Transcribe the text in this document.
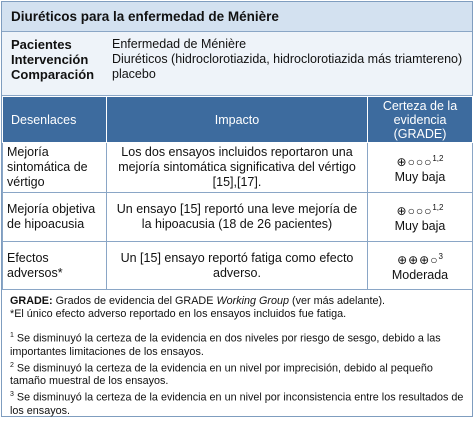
Diuréticos para la enfermedad de Ménière
Pacientes	Enfermedad de Ménière
Intervención	Diuréticos (hidroclorotiazida, hidroclorotiazida más triamtereno)
Comparación	placebo
Desenlaces	Impacto	Certeza de la evidencia (GRADE)
Mejoría sintomática de vértigo	Los dos ensayos incluidos reportaron una mejoría sintomática significativa del vértigo [15],[17].	⊕○○○$^{1,2}$
Muy baja

Mejoría objetiva de hipoacusia	Un ensayo [15] reportó una leve mejoría de la hipoacusia (18 de 26 pacientes)	⊕○○○$^{1,2}$
Muy baja

Efectos adversos*	Un [15] ensayo reportó fatiga como efecto adverso.	⊕⊕⊕○$^3$
Moderada

GRADE: Grados de evidencia del GRADE Working Group (ver más adelante).

*El único efecto adverso reportado en los ensayos incluidos fue fatiga.

$^1$ Se disminuyó la certeza de la evidencia en dos niveles por riesgo de sesgo, debido a las importantes limitaciones de los ensayos.

$^2$ Se disminuyó la certeza de la evidencia en un nivel por imprecisión, debido al pequeño tamaño muestral de los ensayos.

$^3$ Se disminuyó la certeza de la evidencia en un nivel por inconsistencia entre los resultados de los ensayos.
